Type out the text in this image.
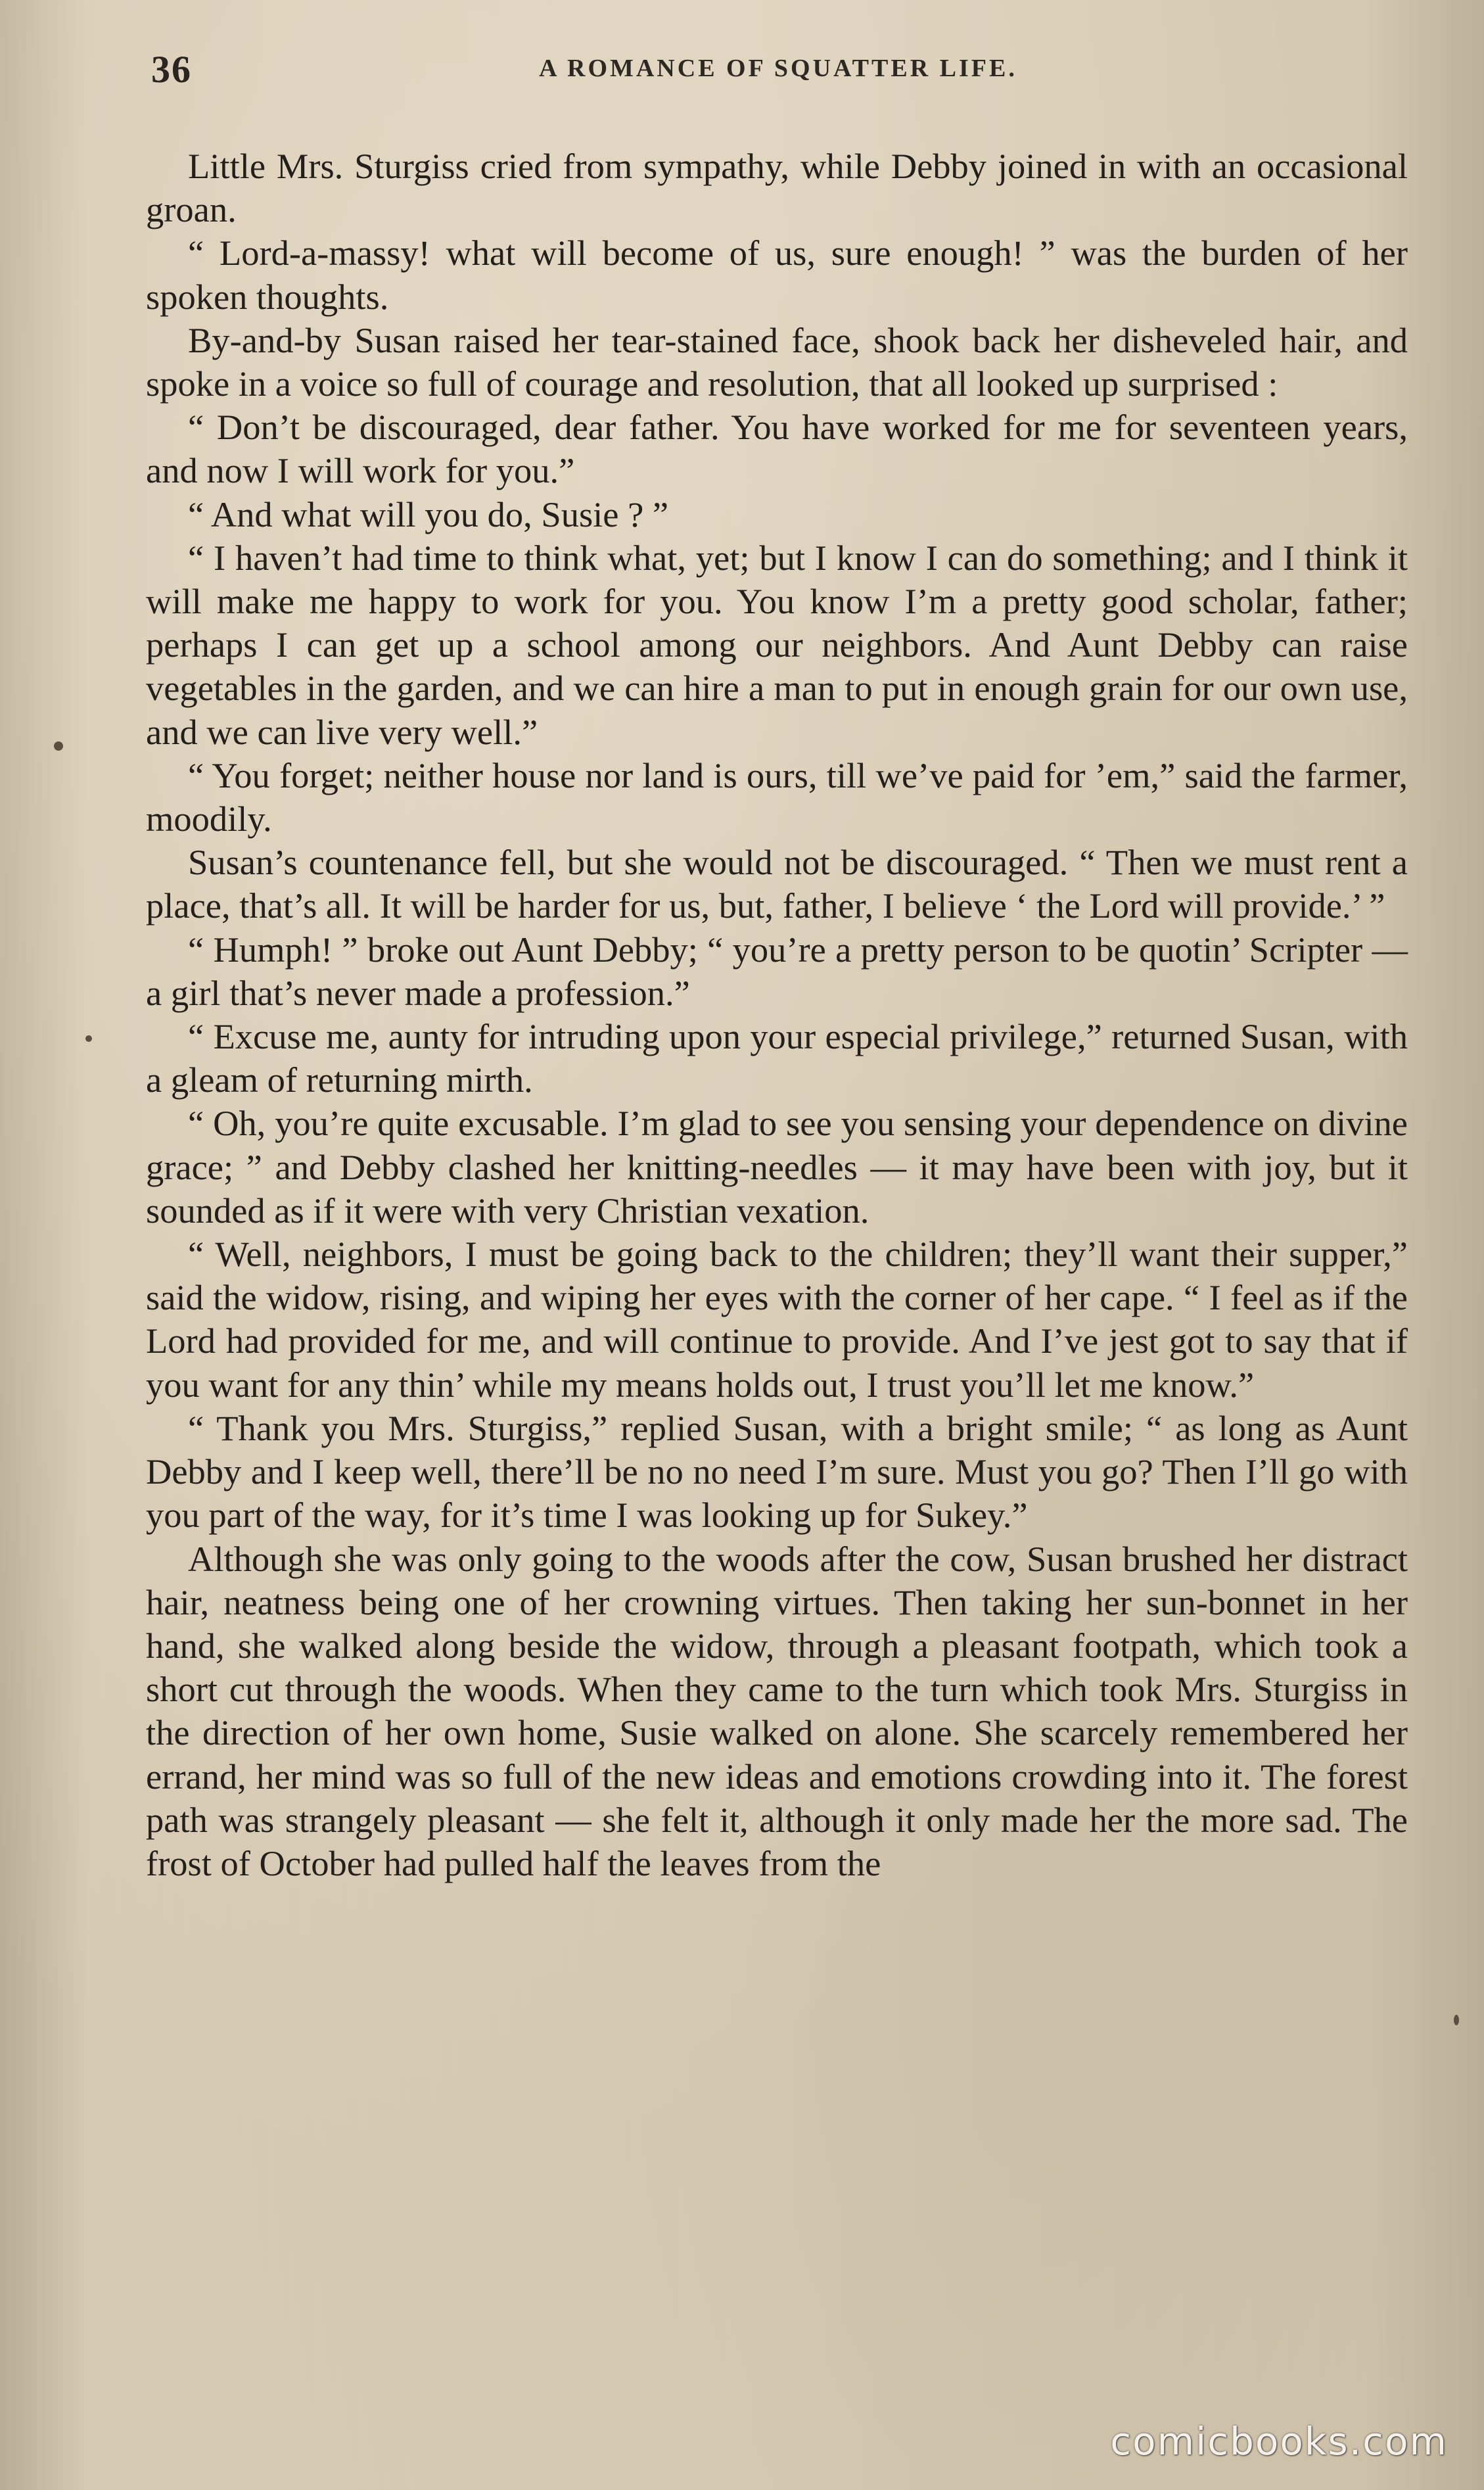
36	A ROMANCE OF SQUATTER LIFE.

Little Mrs. Sturgiss cried from sympathy, while Debby joined in with an occasional groan.

“ Lord-a-massy! what will become of us, sure enough! ” was the burden of her spoken thoughts.

By-and-by Susan raised her tear-stained face, shook back her disheveled hair, and spoke in a voice so full of courage and resolution, that all looked up surprised :

“ Don’t be discouraged, dear father. You have worked for me for seventeen years, and now I will work for you.”

“ And what will you do, Susie ? ”

“ I haven’t had time to think what, yet; but I know I can do something; and I think it will make me happy to work for you. You know I’m a pretty good scholar, father; perhaps I can get up a school among our neighbors. And Aunt Debby can raise vegetables in the garden, and we can hire a man to put in enough grain for our own use, and we can live very well.”

“ You forget; neither house nor land is ours, till we’ve paid for ’em,” said the farmer, moodily.

Susan’s countenance fell, but she would not be discouraged. “ Then we must rent a place, that’s all. It will be harder for us, but, father, I believe ‘ the Lord will provide.’ ”

“ Humph! ” broke out Aunt Debby; “ you’re a pretty person to be quotin’ Scripter — a girl that’s never made a profession.”

“ Excuse me, aunty for intruding upon your especial privilege,” returned Susan, with a gleam of returning mirth.

“ Oh, you’re quite excusable. I’m glad to see you sensing your dependence on divine grace; ” and Debby clashed her knitting-needles — it may have been with joy, but it sounded as if it were with very Christian vexation.

“ Well, neighbors, I must be going back to the children; they’ll want their supper,” said the widow, rising, and wiping her eyes with the corner of her cape. “ I feel as if the Lord had provided for me, and will continue to provide. And I’ve jest got to say that if you want for any thin’ while my means holds out, I trust you’ll let me know.”

“ Thank you Mrs. Sturgiss,” replied Susan, with a bright smile; “ as long as Aunt Debby and I keep well, there’ll be no no need I’m sure. Must you go? Then I’ll go with you part of the way, for it’s time I was looking up for Sukey.”

Although she was only going to the woods after the cow, Susan brushed her distract hair, neatness being one of her crowning virtues. Then taking her sun-bonnet in her hand, she walked along beside the widow, through a pleasant footpath, which took a short cut through the woods. When they came to the turn which took Mrs. Sturgiss in the direction of her own home, Susie walked on alone. She scarcely remembered her errand, her mind was so full of the new ideas and emotions crowding into it. The forest path was strangely pleasant — she felt it, although it only made her the more sad. The frost of October had pulled half the leaves from the

comicbooks.com
